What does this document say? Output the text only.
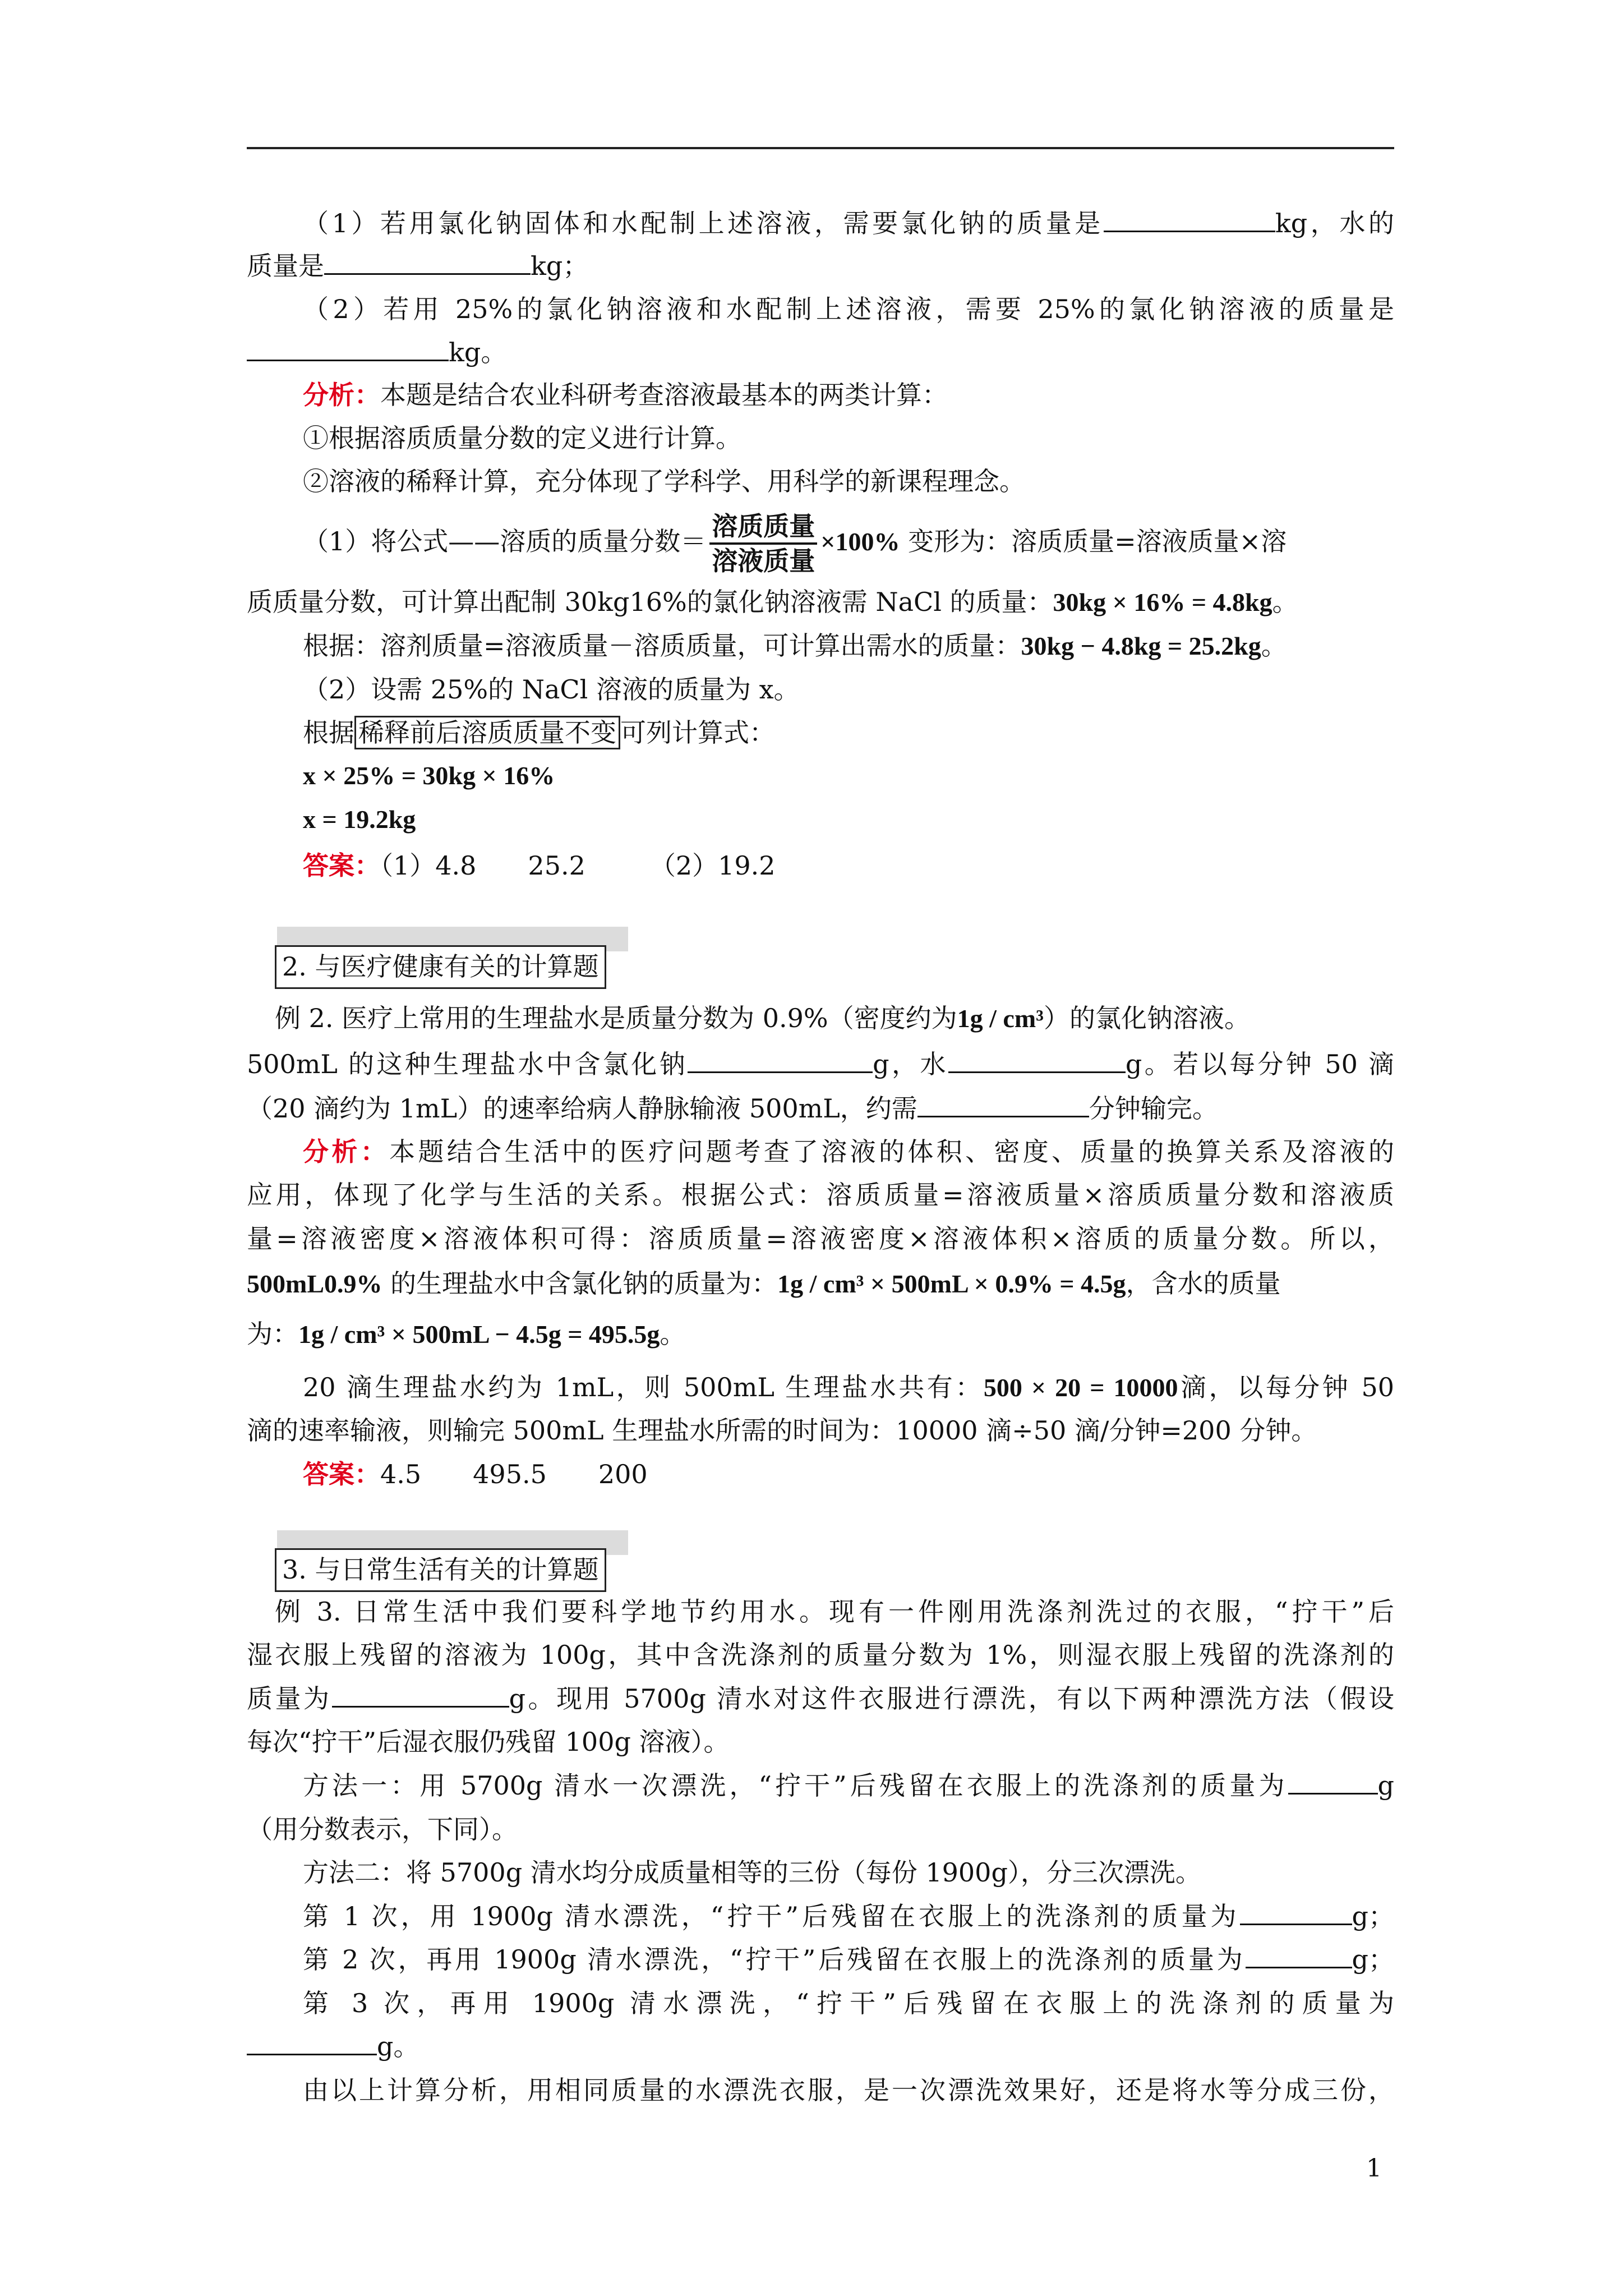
（1）若用氯化钠固体和水配制上述溶液，需要氯化钠的质量是	kg，水的
质量是	kg；
（2）若用 25%的氯化钠溶液和水配制上述溶液，需要 25%的氯化钠溶液的质量是
kg。
分析：本题是结合农业科研考查溶液最基本的两类计算：
①根据溶质质量分数的定义进行计算。
②溶液的稀释计算，充分体现了学科学、用科学的新课程理念。
（1）将公式——溶质的质量分数＝ $\frac{\text{溶质质量}}{\text{溶液质量}} \times 100\%$ 变形为：溶质质量=溶液质量×溶
质质量分数，可计算出配制 30kg16%的氯化钠溶液需 NaCl 的质量：30kg × 16% = 4.8kg。
根据：溶剂质量=溶液质量－溶质质量，可计算出需水的质量：30kg − 4.8kg = 25.2kg。
（2）设需 25%的 NaCl 溶液的质量为 x。
根据 稀释前后溶质质量不变 可列计算式：
x × 25% = 30kg × 16%
x = 19.2kg
答案：（1）4.8　　25.2　　　（2）19.2
2. 与医疗健康有关的计算题
例 2. 医疗上常用的生理盐水是质量分数为 0.9%（密度约为1g / cm³）的氯化钠溶液。
500mL 的这种生理盐水中含氯化钠	g，水	g。若以每分钟 50 滴
（20 滴约为 1mL）的速率给病人静脉输液 500mL，约需	分钟输完。
分析：本题结合生活中的医疗问题考查了溶液的体积、密度、质量的换算关系及溶液的
应用，体现了化学与生活的关系。根据公式：溶质质量=溶液质量×溶质质量分数和溶液质
量=溶液密度×溶液体积可得：溶质质量=溶液密度×溶液体积×溶质的质量分数。所以，
500mL0.9% 的生理盐水中含氯化钠的质量为：1g / cm³ × 500mL × 0.9% = 4.5g，含水的质量
为：1g / cm³ × 500mL − 4.5g = 495.5g。
20 滴生理盐水约为 1mL，则 500mL 生理盐水共有：500 × 20 = 10000滴，以每分钟 50
滴的速率输液，则输完 500mL 生理盐水所需的时间为：10000 滴÷50 滴/分钟=200 分钟。
答案：4.5　　495.5　　200
3. 与日常生活有关的计算题
例 3. 日常生活中我们要科学地节约用水。现有一件刚用洗涤剂洗过的衣服，“拧干”后
湿衣服上残留的溶液为 100g，其中含洗涤剂的质量分数为 1%，则湿衣服上残留的洗涤剂的
质量为	g。现用 5700g 清水对这件衣服进行漂洗，有以下两种漂洗方法（假设
每次“拧干”后湿衣服仍残留 100g 溶液）。
方法一：用 5700g 清水一次漂洗，“拧干”后残留在衣服上的洗涤剂的质量为	g
（用分数表示，下同）。
方法二：将 5700g 清水均分成质量相等的三份（每份 1900g），分三次漂洗。
第 1 次，用 1900g 清水漂洗，“拧干”后残留在衣服上的洗涤剂的质量为	g；
第 2 次，再用 1900g 清水漂洗，“拧干”后残留在衣服上的洗涤剂的质量为	g；
第 3 次，再用 1900g 清水漂洗，“拧干”后残留在衣服上的洗涤剂的质量为
g。
由以上计算分析，用相同质量的水漂洗衣服，是一次漂洗效果好，还是将水等分成三份，
1
